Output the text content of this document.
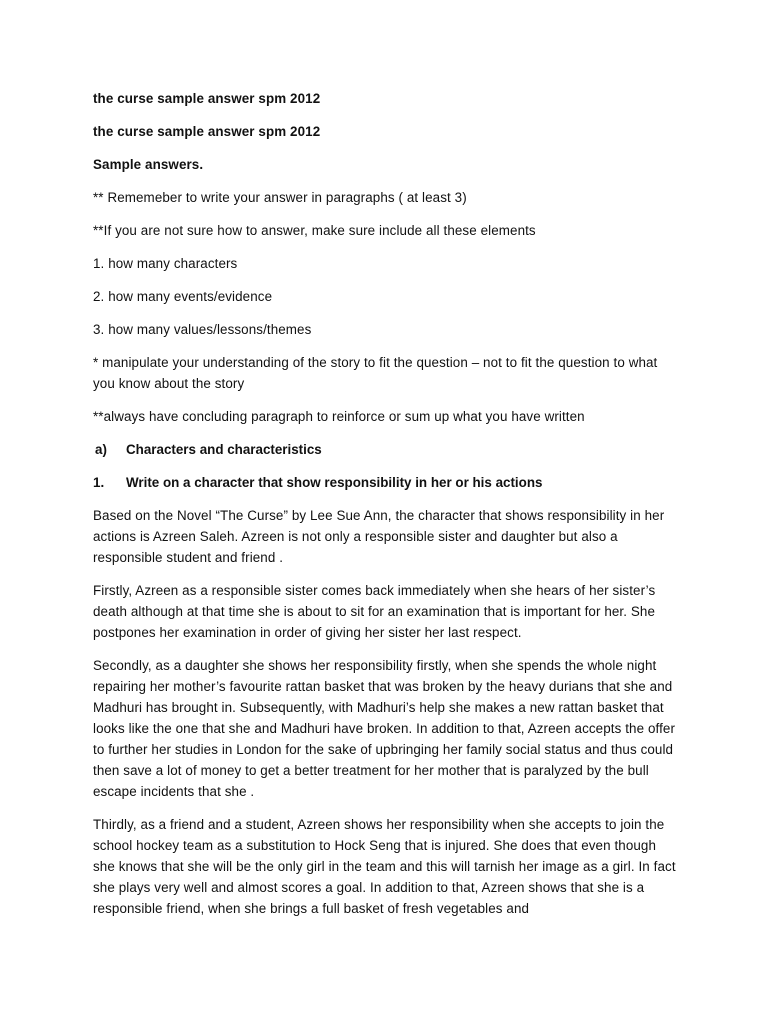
the curse sample answer spm 2012

the curse sample answer spm 2012

Sample answers.

** Rememeber to write your answer in paragraphs ( at least 3)

**If you are not sure how to answer, make sure include all these elements

1. how many characters

2. how many events/evidence

3. how many values/lessons/themes

* manipulate your understanding of the story to fit the question – not to fit the question to what you know about the story

**always have concluding paragraph to reinforce or sum up what you have written

a)	Characters and characteristics
1.	Write on a character that show responsibility in her or his actions

Based on the Novel “The Curse” by Lee Sue Ann, the character that shows responsibility in her actions is Azreen Saleh. Azreen is not only a responsible sister and daughter but also a responsible student and friend .

Firstly, Azreen as a responsible sister comes back immediately when she hears of her sister’s death although at that time she is about to sit for an examination that is important for her. She postpones her examination in order of giving her sister her last respect.

Secondly, as a daughter she shows her responsibility firstly, when she spends the whole night repairing her mother’s favourite rattan basket that was broken by the heavy durians that she and Madhuri has brought in. Subsequently, with Madhuri’s help she makes a new rattan basket that looks like the one that she and Madhuri have broken. In addition to that, Azreen accepts the offer to further her studies in London for the sake of upbringing her family social status and thus could then save a lot of money to get a better treatment for her mother that is paralyzed by the bull escape incidents that she .

Thirdly, as a friend and a student, Azreen shows her responsibility when she accepts to join the school hockey team as a substitution to Hock Seng that is injured. She does that even though she knows that she will be the only girl in the team and this will tarnish her image as a girl. In fact she plays very well and almost scores a goal. In addition to that, Azreen shows that she is a responsible friend, when she brings a full basket of fresh vegetables and
